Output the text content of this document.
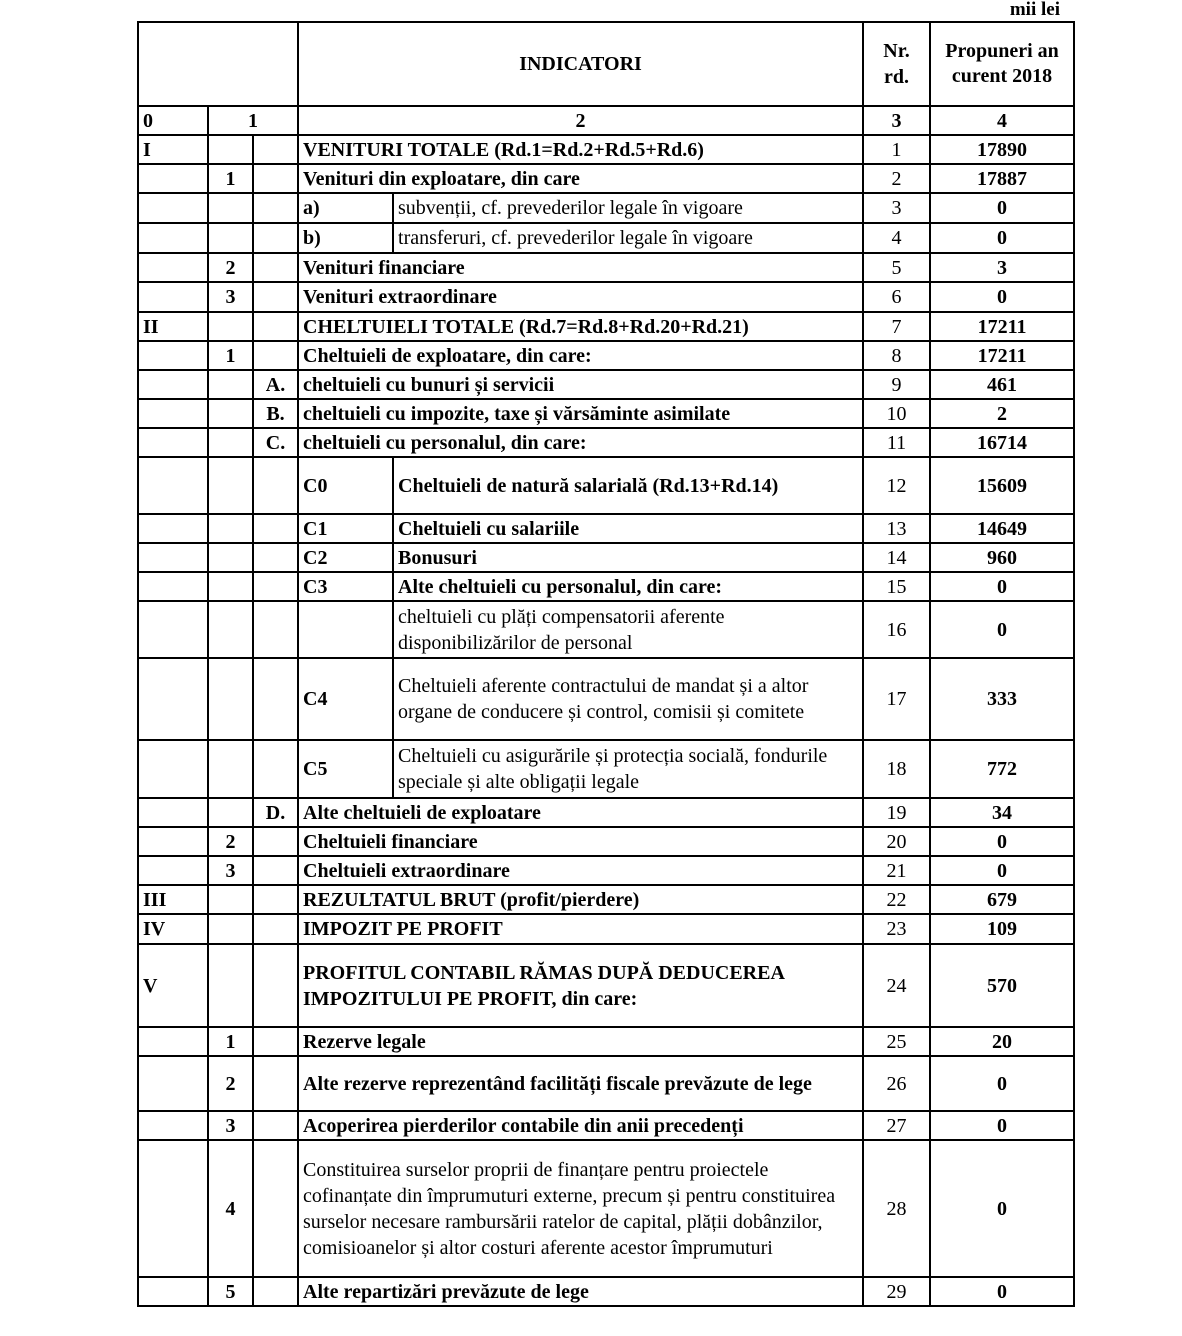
mii lei
			INDICATORI		Nr. rd.	Propuneri an curent 2018
0	1		2		3	4
I			VENITURI TOTALE (Rd.1=Rd.2+Rd.5+Rd.6)		1	17890
	1		Venituri din exploatare, din care		2	17887
			a)	subvenții, cf. prevederilor legale în vigoare	3	0
			b)	transferuri, cf. prevederilor legale în vigoare	4	0
	2		Venituri financiare		5	3
	3		Venituri extraordinare		6	0
II			CHELTUIELI TOTALE (Rd.7=Rd.8+Rd.20+Rd.21)		7	17211
	1		Cheltuieli de exploatare, din care:		8	17211
		A.	cheltuieli cu bunuri și servicii		9	461
		B.	cheltuieli cu impozite, taxe și vărsăminte asimilate		10	2
		C.	cheltuieli cu personalul, din care:		11	16714
			C0	Cheltuieli de natură salarială (Rd.13+Rd.14)	12	15609
			C1	Cheltuieli cu salariile	13	14649
			C2	Bonusuri	14	960
			C3	Alte cheltuieli cu personalul, din care:	15	0
				cheltuieli cu plăți compensatorii aferente disponibilizărilor de personal	16	0
			C4	Cheltuieli aferente contractului de mandat și a altor organe de conducere și control, comisii și comitete	17	333
			C5	Cheltuieli cu asigurările și protecția socială, fondurile speciale și alte obligații legale	18	772
		D.	Alte cheltuieli de exploatare		19	34
	2		Cheltuieli financiare		20	0
	3		Cheltuieli extraordinare		21	0
III			REZULTATUL BRUT (profit/pierdere)		22	679
IV			IMPOZIT PE PROFIT		23	109
V			PROFITUL CONTABIL RĂMAS DUPĂ DEDUCEREA IMPOZITULUI PE PROFIT, din care:		24	570
	1		Rezerve legale		25	20
	2		Alte rezerve reprezentând facilități fiscale prevăzute de lege		26	0
	3		Acoperirea pierderilor contabile din anii precedenți		27	0
	4		Constituirea surselor proprii de finanțare pentru proiectele cofinanțate din împrumuturi externe, precum și pentru constituirea surselor necesare rambursării ratelor de capital, plății dobânzilor, comisioanelor și altor costuri aferente acestor împrumuturi		28	0
	5		Alte repartizări prevăzute de lege		29	0
